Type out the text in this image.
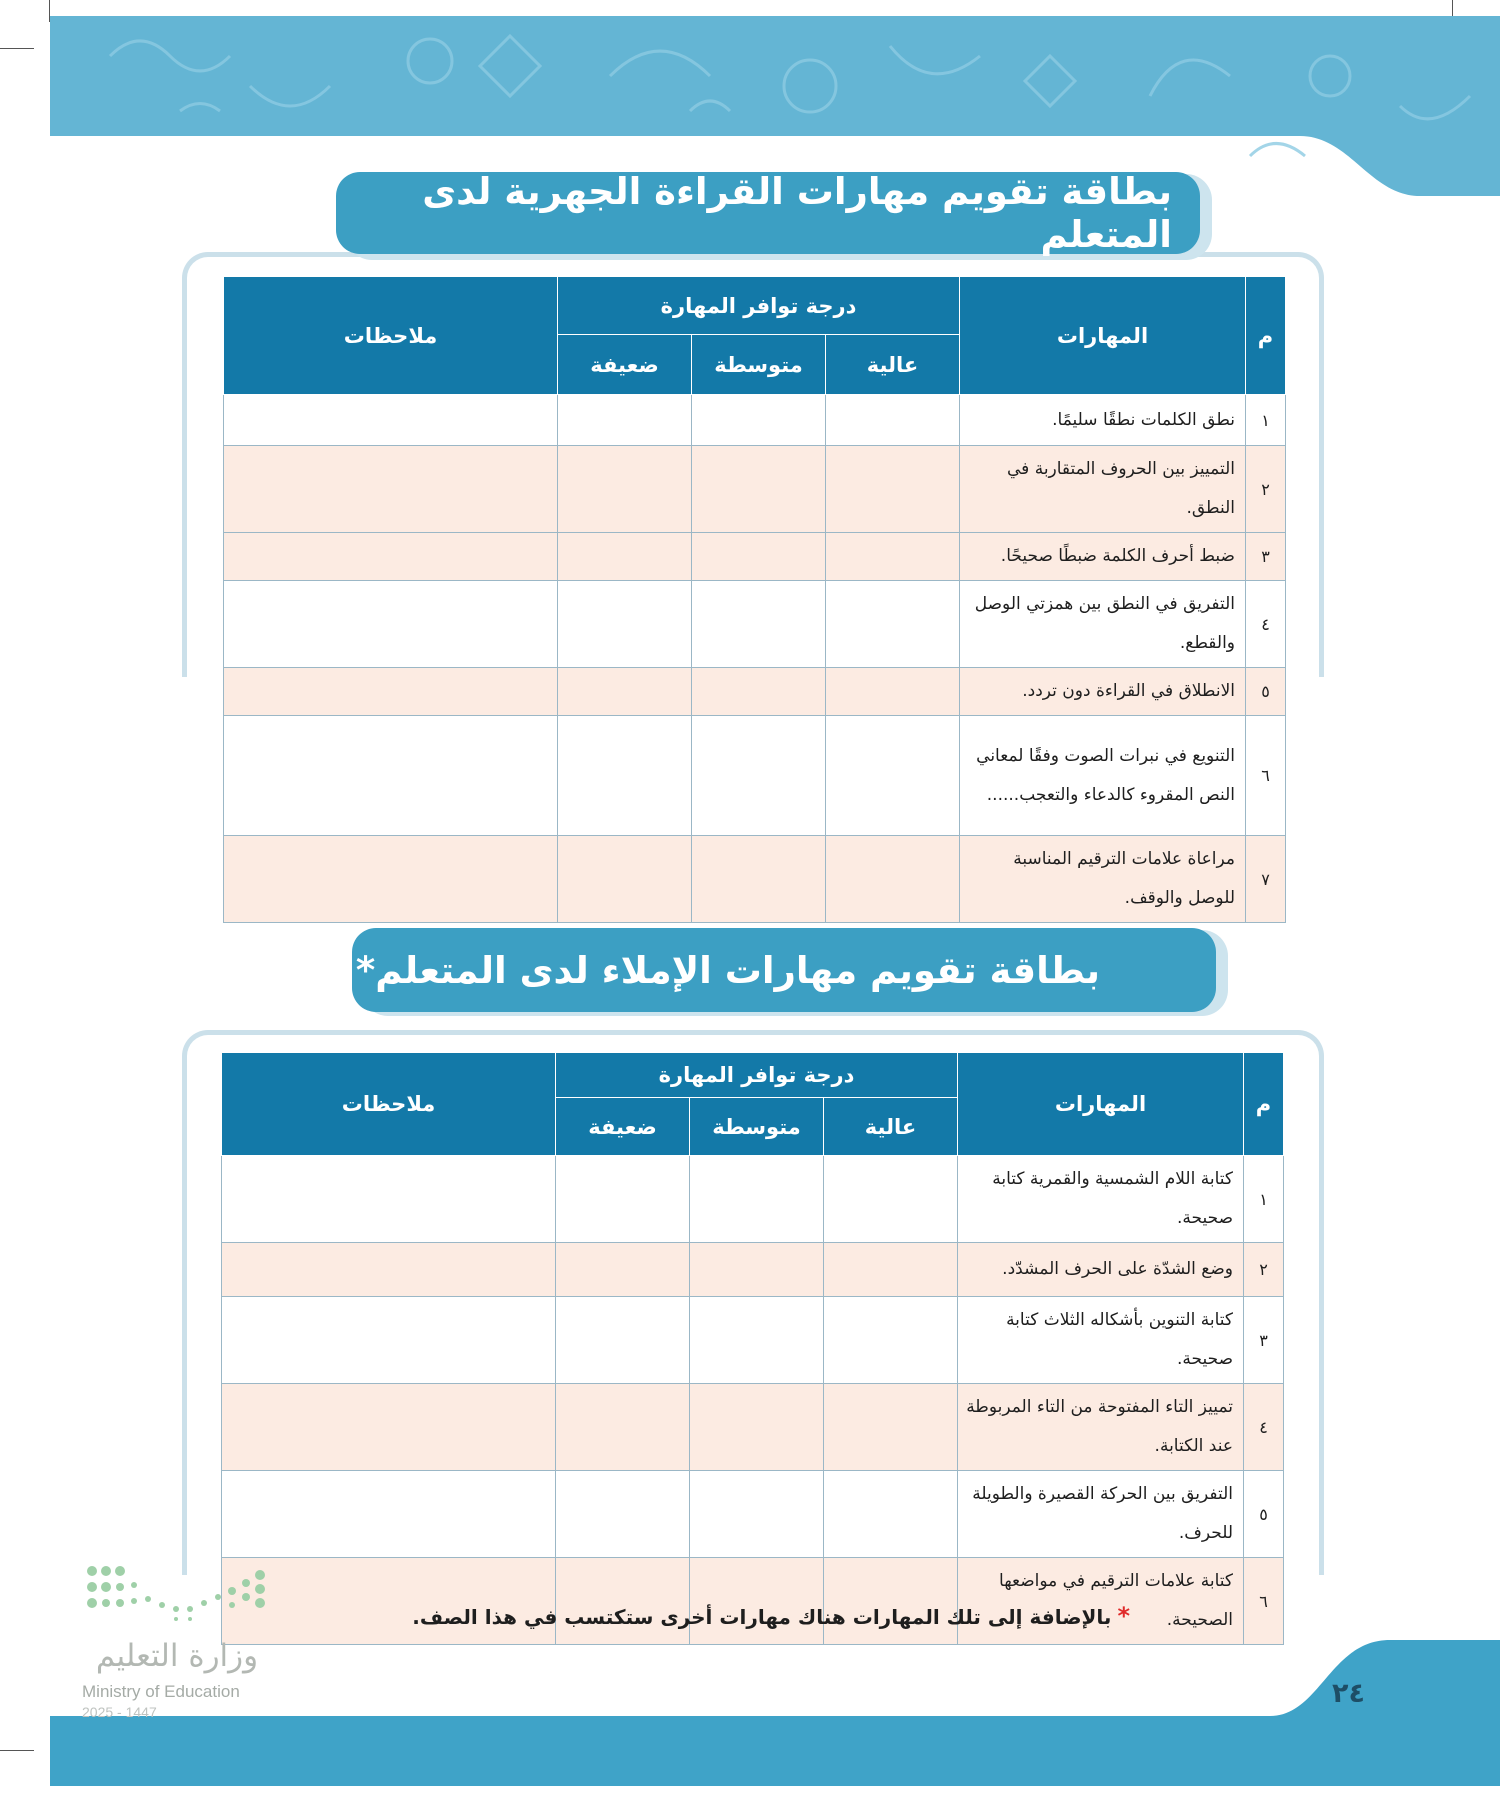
بطاقة تقويم مهارات القراءة الجهرية لدى المتعلم
م	المهارات	درجة توافر المهارة			ملاحظات
		عالية	متوسطة	ضعيفة	
١	نطق الكلمات نطقًا سليمًا.				
٢	التمييز بين الحروف المتقاربة في النطق.				
٣	ضبط أحرف الكلمة ضبطًا صحيحًا.				
٤	التفريق في النطق بين همزتي الوصل والقطع.				
٥	الانطلاق في القراءة دون تردد.				
٦	التنويع في نبرات الصوت وفقًا لمعاني النص المقروء كالدعاء والتعجب......				
٧	مراعاة علامات الترقيم المناسبة للوصل والوقف.				
بطاقة تقويم مهارات الإملاء لدى المتعلم*
م	المهارات	درجة توافر المهارة			ملاحظات
		عالية	متوسطة	ضعيفة	
١	كتابة اللام الشمسية والقمرية كتابة صحيحة.				
٢	وضع الشدّة على الحرف المشدّد.				
٣	كتابة التنوين بأشكاله الثلاث كتابة صحيحة.				
٤	تمييز التاء المفتوحة من التاء المربوطة عند الكتابة.				
٥	التفريق بين الحركة القصيرة والطويلة للحرف.				
٦	كتابة علامات الترقيم في مواضعها الصحيحة.				
*بالإضافة إلى تلك المهارات هناك مهارات أخرى ستكتسب في هذا الصف.
٢٤
وزارة التعليم
Ministry of Education
2025 - 1447
